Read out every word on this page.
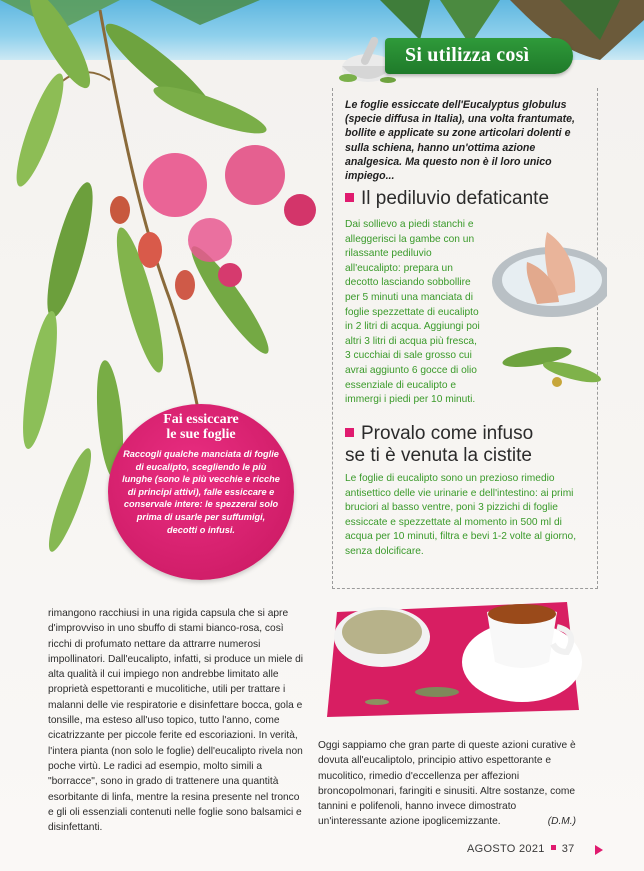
Si utilizza così
Le foglie essiccate dell'Eucalyptus globulus (specie diffusa in Italia), una volta frantumate, bollite e applicate su zone articolari dolenti e sulla schiena, hanno un'ottima azione analgesica. Ma questo non è il loro unico impiego...
Il pediluvio defaticante
Dai sollievo a piedi stanchi e alleggerisci la gambe con un rilassante pediluvio all'eucalipto: prepara un decotto lasciando sobbollire per 5 minuti una manciata di foglie spezzettate di eucalipto in 2 litri di acqua. Aggiungi poi altri 3 litri di acqua più fresca, 3 cucchiai di sale grosso cui avrai aggiunto 6 gocce di olio essenziale di eucalipto e immergi i piedi per 10 minuti.
Provalo come infuso
se ti è venuta la cistite
Le foglie di eucalipto sono un prezioso rimedio antisettico delle vie urinarie e dell'intestino: ai primi bruciori al basso ventre, poni 3 pizzichi di foglie essiccate e spezzettate al momento in 500 ml di acqua per 10 minuti, filtra e bevi 1-2 volte al giorno, senza dolcificare.
Fai essiccare
le sue foglie
Raccogli qualche manciata di foglie di eucalipto, scegliendo le più lunghe (sono le più vecchie e ricche di principi attivi), falle essiccare e conservale intere: le spezzerai solo prima di usarle per suffumigi, decotti o infusi.
rimangono racchiusi in una rigida capsula che si apre d'improvviso in uno sbuffo di stami bianco-rosa, così ricchi di profumato nettare da attrarre numerosi impollinatori. Dall'eucalipto, infatti, si produce un miele di alta qualità il cui impiego non andrebbe limitato alle proprietà espettoranti e mucolitiche, utili per trattare i malanni delle vie respiratorie e disinfettare bocca, gola e tonsille, ma esteso all'uso topico, tutto l'anno, come cicatrizzante per piccole ferite ed escoriazioni. In verità, l'intera pianta (non solo le foglie) dell'eucalipto rivela non poche virtù. Le radici ad esempio, molto simili a "borracce", sono in grado di trattenere una quantità esorbitante di linfa, mentre la resina presente nel tronco e gli oli essenziali contenuti nelle foglie sono balsamici e disinfettanti.
Oggi sappiamo che gran parte di queste azioni curative è dovuta all'eucaliptolo, principio attivo espettorante e mucolitico, rimedio d'eccellenza per affezioni broncopolmonari, faringiti e sinusiti. Altre sostanze, come tannini e polifenoli, hanno invece dimostrato un'interessante azione ipoglicemizzante.	(D.M.)
AGOSTO 2021 37
